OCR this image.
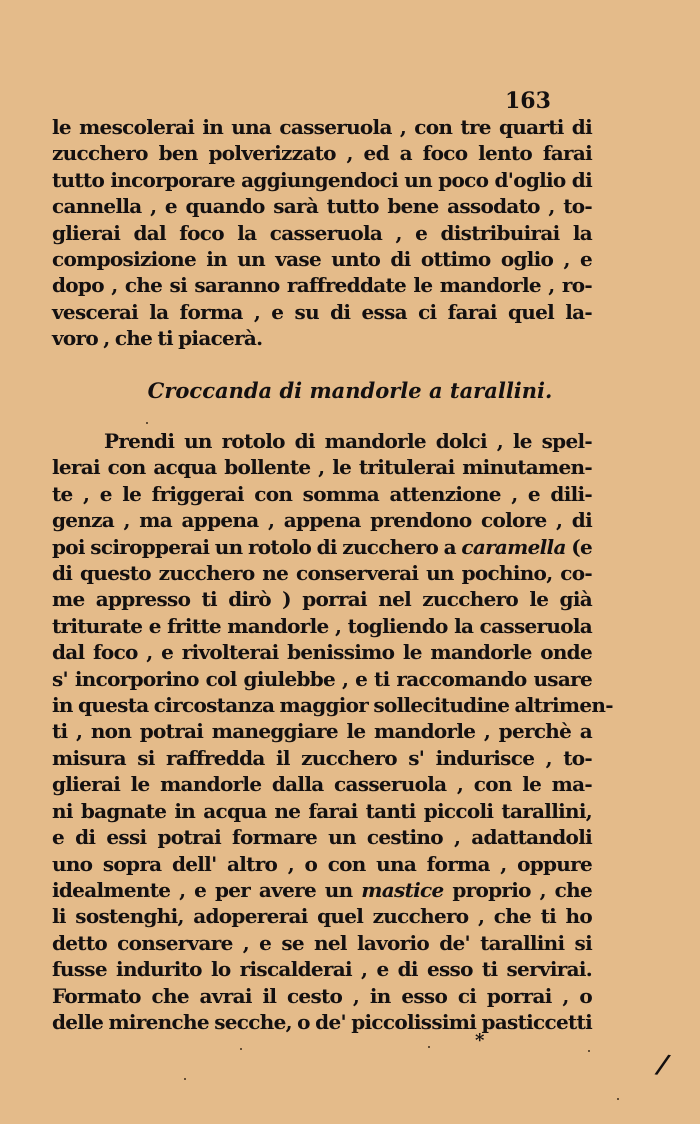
163
le mescolerai in una casseruola , con tre quarti di
zucchero ben polverizzato , ed a foco lento farai
tutto incorporare aggiungendoci un poco d'oglio di
cannella , e quando sarà tutto bene assodato , to-
glierai dal foco la casseruola , e distribuirai la
composizione in un vase unto di ottimo oglio , e
dopo , che si saranno raffreddate le mandorle , ro-
vescerai la forma , e su di essa ci farai quel la-
voro , che ti piacerà.
Croccanda di mandorle a tarallini.
Prendi un rotolo di mandorle dolci , le spel-
lerai con acqua bollente , le tritulerai minutamen-
te , e le friggerai con somma attenzione , e dili-
genza , ma appena , appena prendono colore , di
poi sciropperai un rotolo di zucchero a caramella (e
di questo zucchero ne conserverai un pochino, co-
me appresso ti dirò ) porrai nel zucchero le già
triturate e fritte mandorle , togliendo la casseruola
dal foco , e rivolterai benissimo le mandorle onde
s' incorporino col giulebbe , e ti raccomando usare
in questa circostanza maggior sollecitudine altrimen-
ti , non potrai maneggiare le mandorle , perchè a
misura si raffredda il zucchero s' indurisce , to-
glierai le mandorle dalla casseruola , con le ma-
ni bagnate in acqua ne farai tanti piccoli tarallini,
e di essi potrai formare un cestino , adattandoli
uno sopra dell' altro , o con una forma , oppure
idealmente , e per avere un mastice proprio , che
li sostenghi, adopererai quel zucchero , che ti ho
detto conservare , e se nel lavorio de' tarallini si
fusse indurito lo riscalderai , e di esso ti servirai.
Formato che avrai il cesto , in esso ci porrai , o
delle mirenche secche, o de' piccolissimi pasticcetti
*
/
